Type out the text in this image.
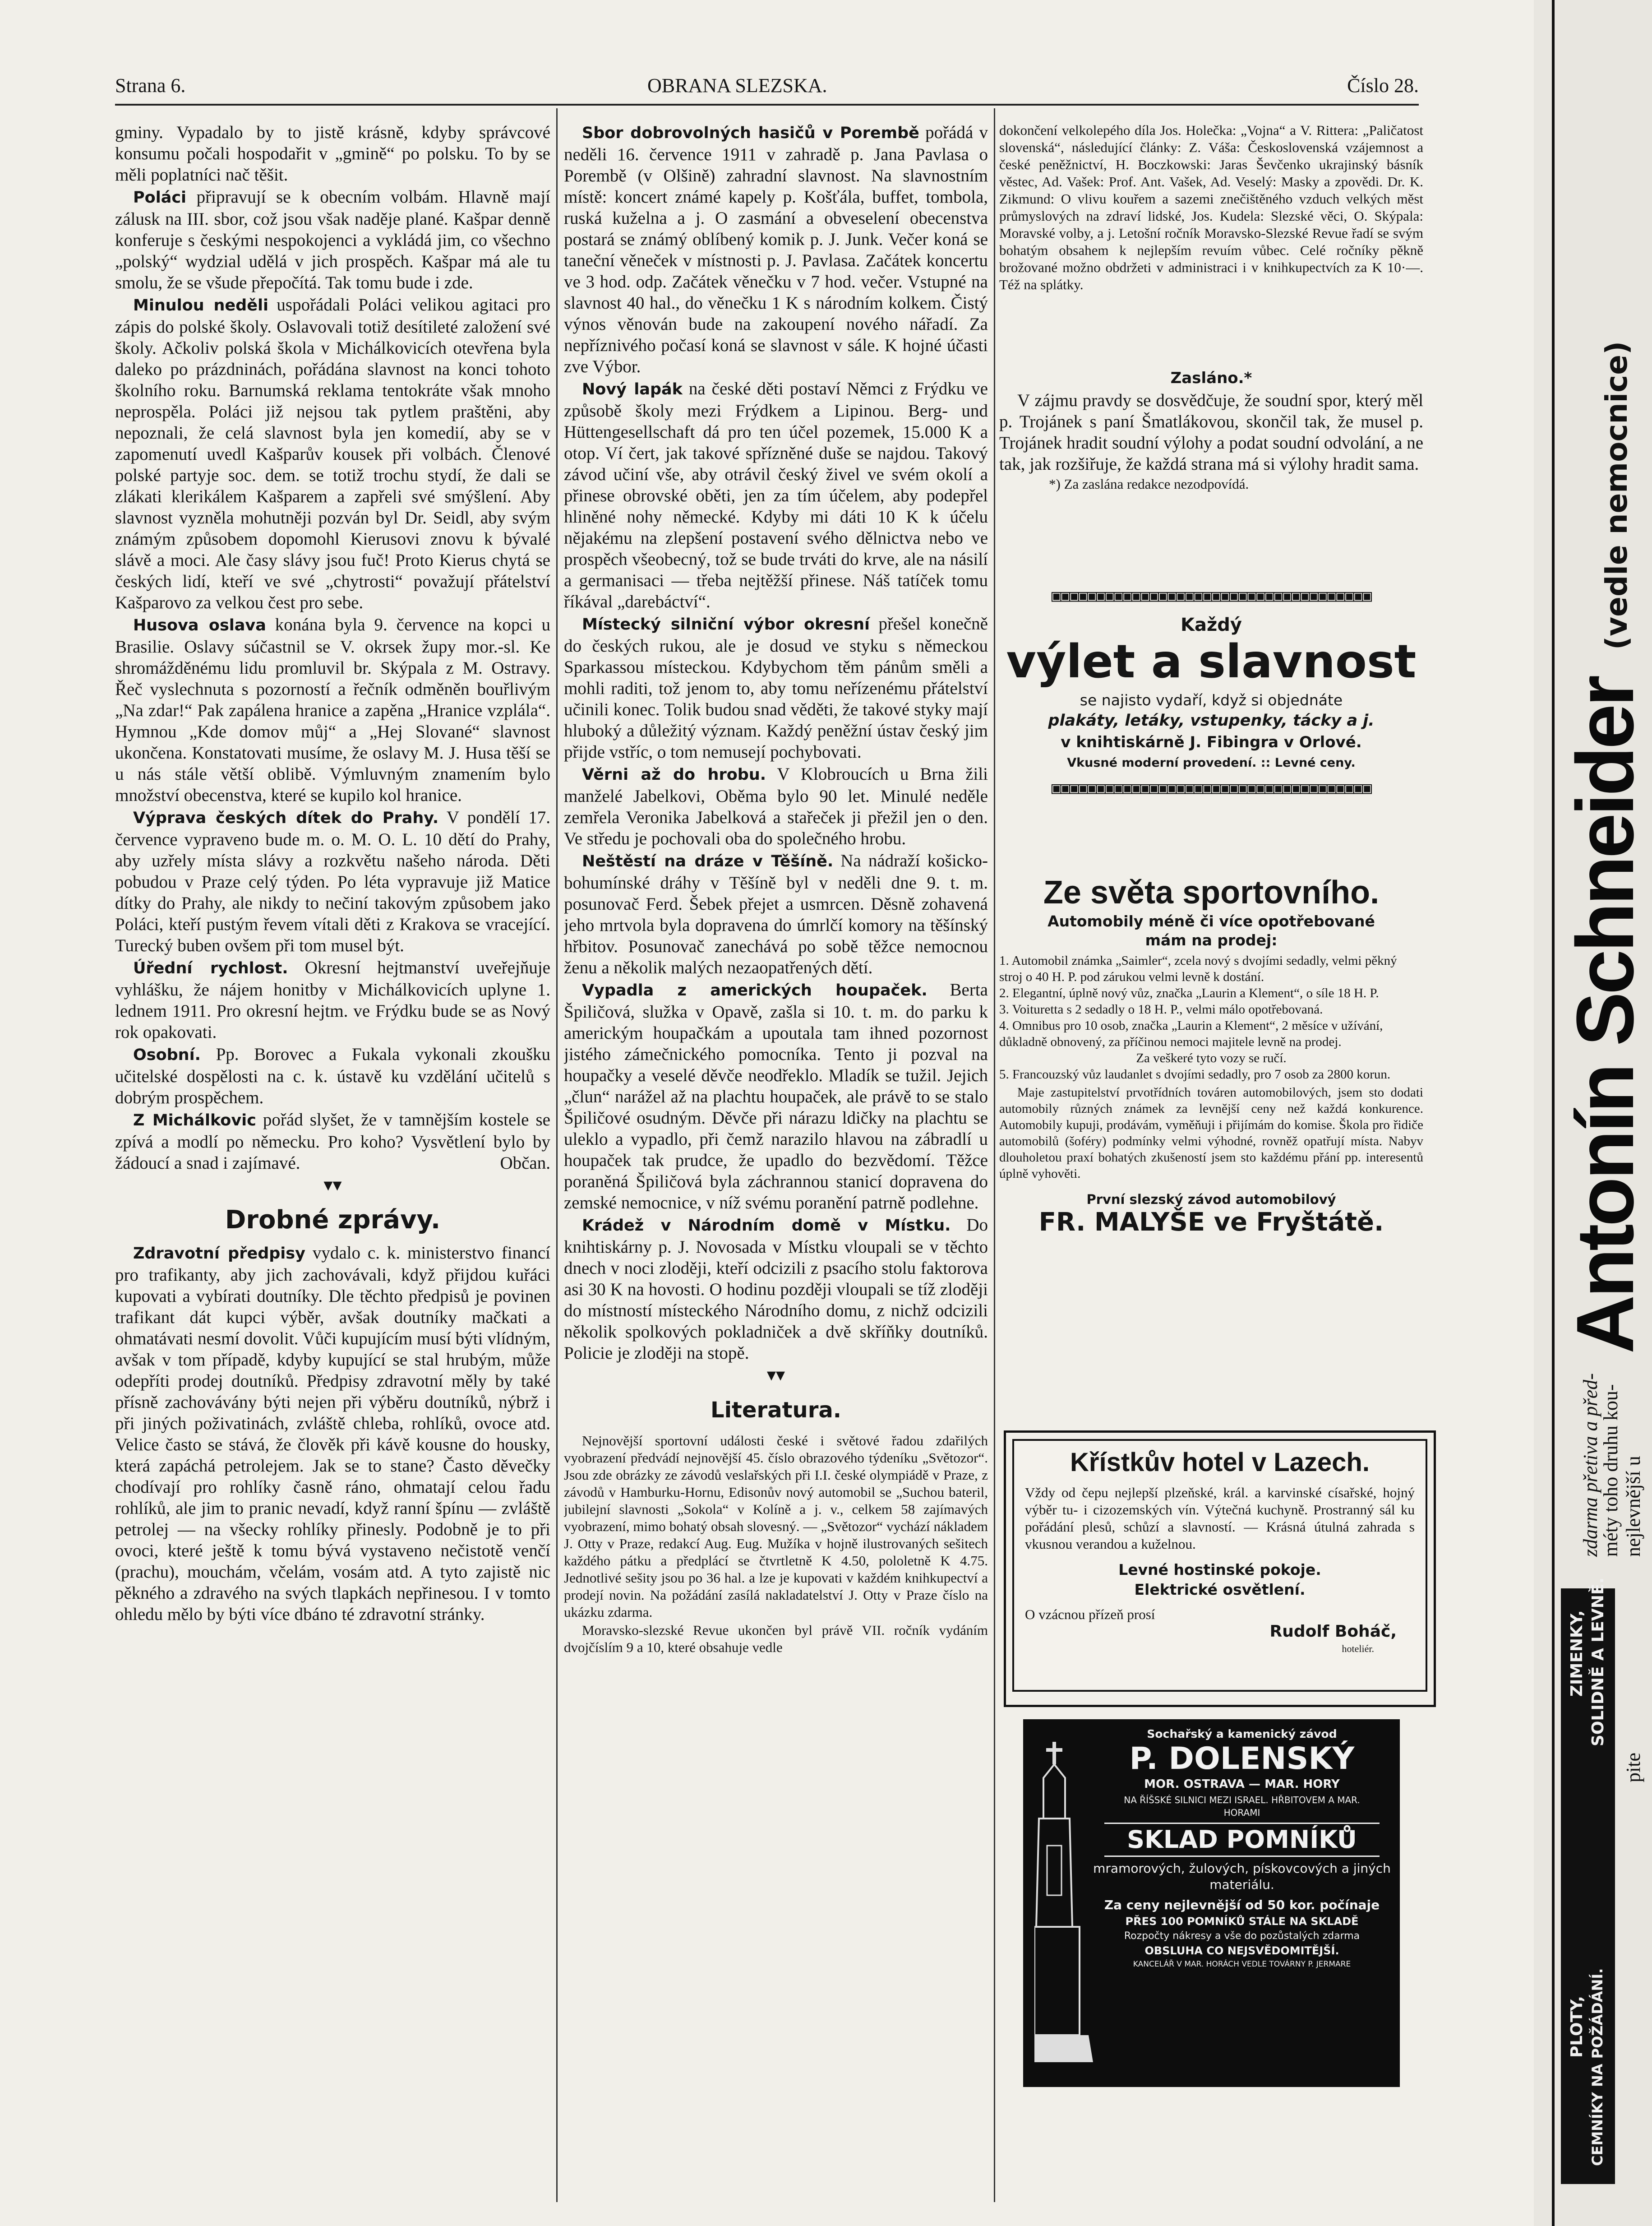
Strana 6.	OBRANA SLEZSKA.	Číslo 28.

gminy. Vypadalo by to jistě krásně, kdyby správcové konsumu počali hospodařit v „gmině“ po polsku. To by se měli poplatníci nač těšit.

Poláci připravují se k obecním volbám. Hlavně mají zálusk na III. sbor, což jsou však naděje plané. Kašpar denně konferuje s českými nespokojenci a vykládá jim, co všechno „polský“ wydzial udělá v jich prospěch. Kašpar má ale tu smolu, že se všude přepočítá. Tak tomu bude i zde.

Minulou neděli uspořádali Poláci velikou agitaci pro zápis do polské školy. Oslavovali totiž desítileté založení své školy. Ačkoliv polská škola v Michálkovicích otevřena byla daleko po prázdninách, pořádána slavnost na konci tohoto školního roku. Barnumská reklama tentokráte však mnoho neprospěla. Poláci již nejsou tak pytlem praštěni, aby nepoznali, že celá slavnost byla jen komedií, aby se v zapomenutí uvedl Kašparův kousek při volbách. Členové polské partyje soc. dem. se totiž trochu stydí, že dali se zlákati klerikálem Kašparem a zapřeli své smýšlení. Aby slavnost vyzněla mohutněji pozván byl Dr. Seidl, aby svým známým způsobem dopomohl Kierusovi znovu k bývalé slávě a moci. Ale časy slávy jsou fuč! Proto Kierus chytá se českých lidí, kteří ve své „chytrosti“ považují přátelství Kašparovo za velkou čest pro sebe.

Husova oslava konána byla 9. července na kopci u Brasilie. Oslavy súčastnil se V. okrsek župy mor.-sl. Ke shromážděnému lidu promluvil br. Skýpala z M. Ostravy. Řeč vyslechnuta s pozorností a řečník odměněn bouřlivým „Na zdar!“ Pak zapálena hranice a zapěna „Hranice vzplála“. Hymnou „Kde domov můj“ a „Hej Slované“ slavnost ukončena. Konstatovati musíme, že oslavy M. J. Husa těší se u nás stále větší oblibě. Výmluvným znamením bylo množství obecenstva, které se kupilo kol hranice.

Výprava českých dítek do Prahy. V pondělí 17. července vypraveno bude m. o. M. O. L. 10 dětí do Prahy, aby uzřely místa slávy a rozkvětu našeho národa. Děti pobudou v Praze celý týden. Po léta vypravuje již Matice dítky do Prahy, ale nikdy to nečiní takovým způsobem jako Poláci, kteří pustým řevem vítali děti z Krakova se vracející. Turecký buben ovšem při tom musel být.

Úřední rychlost. Okresní hejtmanství uveřejňuje vyhlášku, že nájem honitby v Michálkovicích uplyne 1. lednem 1911. Pro okresní hejtm. ve Frýdku bude se as Nový rok opakovati.

Osobní. Pp. Borovec a Fukala vykonali zkoušku učitelské dospělosti na c. k. ústavě ku vzdělání učitelů s dobrým prospěchem.

Z Michálkovic pořád slyšet, že v tamnějším kostele se zpívá a modlí po německu. Pro koho? Vysvětlení bylo by žádoucí a snad i zajímavé.	Občan.

▾▾

Drobné zprávy.

Zdravotní předpisy vydalo c. k. ministerstvo financí pro trafikanty, aby jich zachovávali, když přijdou kuřáci kupovati a vybírati doutníky. Dle těchto předpisů je povinen trafikant dát kupci výběr, avšak doutníky mačkati a ohmatávati nesmí dovolit. Vůči kupujícím musí býti vlídným, avšak v tom případě, kdyby kupující se stal hrubým, může odepříti prodej doutníků. Předpisy zdravotní měly by také přísně zachovávány býti nejen při výběru doutníků, nýbrž i při jiných poživatinách, zvláště chleba, rohlíků, ovoce atd. Velice často se stává, že člověk při kávě kousne do housky, která zapáchá petrolejem. Jak se to stane? Často děvečky chodívají pro rohlíky časně ráno, ohmatají celou řadu rohlíků, ale jim to pranic nevadí, když ranní špínu — zvláště petrolej — na všecky rohlíky přinesly. Podobně je to při ovoci, které ještě k tomu bývá vystaveno nečistotě venčí (prachu), mouchám, včelám, vosám atd. A tyto zajistě nic pěkného a zdravého na svých tlapkách nepřinesou. I v tomto ohledu mělo by býti více dbáno té zdravotní stránky.

Sbor dobrovolných hasičů v Porembě pořádá v neděli 16. července 1911 v zahradě p. Jana Pavlasa o Porembě (v Olšině) zahradní slavnost. Na slavnostním místě: koncert známé kapely p. Košťála, buffet, tombola, ruská kuželna a j. O zasmání a obveselení obecenstva postará se známý oblíbený komik p. J. Junk. Večer koná se taneční věneček v místnosti p. J. Pavlasa. Začátek koncertu ve 3 hod. odp. Začátek věnečku v 7 hod. večer. Vstupné na slavnost 40 hal., do věnečku 1 K s národním kolkem. Čistý výnos věnován bude na zakoupení nového nářadí. Za nepříznivého počasí koná se slavnost v sále. K hojné účasti zve Výbor.

Nový lapák na české děti postaví Němci z Frýdku ve způsobě školy mezi Frýdkem a Lipinou. Berg- und Hüttengesellschaft dá pro ten účel pozemek, 15.000 K a otop. Ví čert, jak takové spřízněné duše se najdou. Takový závod učiní vše, aby otrávil český živel ve svém okolí a přinese obrovské oběti, jen za tím účelem, aby podepřel hliněné nohy německé. Kdyby mi dáti 10 K k účelu nějakému na zlepšení postavení svého dělnictva nebo ve prospěch všeobecný, tož se bude trváti do krve, ale na násilí a germanisaci — třeba nejtěžší přinese. Náš tatíček tomu říkával „darebáctví“.

Místecký silniční výbor okresní přešel konečně do českých rukou, ale je dosud ve styku s německou Sparkassou místeckou. Kdybychom těm pánům směli a mohli raditi, tož jenom to, aby tomu neřízenému přátelství učinili konec. Tolik budou snad věděti, že takové styky mají hluboký a důležitý význam. Každý peněžní ústav český jim přijde vstříc, o tom nemusejí pochybovati.

Věrni až do hrobu. V Klobroucích u Brna žili manželé Jabelkovi, Oběma bylo 90 let. Minulé neděle zemřela Veronika Jabelková a stařeček ji přežil jen o den. Ve středu je pochovali oba do společného hrobu.

Neštěstí na dráze v Těšíně. Na nádraží košicko-bohumínské dráhy v Těšíně byl v neděli dne 9. t. m. posunovač Ferd. Šebek přejet a usmrcen. Děsně zohavená jeho mrtvola byla dopravena do úmrlčí komory na těšínský hřbitov. Posunovač zanechává po sobě těžce nemocnou ženu a několik malých nezaopatřených dětí.

Vypadla z amerických houpaček. Berta Špiličová, služka v Opavě, zašla si 10. t. m. do parku k americkým houpačkám a upoutala tam ihned pozornost jistého zámečnického pomocníka. Tento ji pozval na houpačky a veselé děvče neodřeklo. Mladík se tužil. Jejich „člun“ narážel až na plachtu houpaček, ale právě to se stalo Špiličové osudným. Děvče při nárazu ldičky na plachtu se uleklo a vypadlo, při čemž narazilo hlavou na zábradlí u houpaček tak prudce, že upadlo do bezvědomí. Těžce poraněná Špiličová byla záchrannou stanicí dopravena do zemské nemocnice, v níž svému poranění patrně podlehne.

Krádež v Národním domě v Místku. Do knihtiskárny p. J. Novosada v Místku vloupali se v těchto dnech v noci zloději, kteří odcizili z psacího stolu faktorova asi 30 K na hovosti. O hodinu později vloupali se tíž zloději do místností místeckého Národního domu, z nichž odcizili několik spolkových pokladniček a dvě skříňky doutníků. Policie je zloději na stopě.

▾▾

Literatura.

Nejnovější sportovní události české i světové řadou zdařilých vyobrazení předvádí nejnovější 45. číslo obrazového týdeníku „Světozor“. Jsou zde obrázky ze závodů veslařských při I.I. české olympiádě v Praze, z závodů v Hamburku-Hornu, Edisonův nový automobil se „Suchou bateril, jubilejní slavnosti „Sokola“ v Kolíně a j. v., celkem 58 zajímavých vyobrazení, mimo bohatý obsah slovesný. — „Světozor“ vychází nákladem J. Otty v Praze, redakcí Aug. Eug. Mužíka v hojně ilustrovaných sešitech každého pátku a předplácí se čtvrtletně K 4.50, pololetně K 4.75. Jednotlivé sešity jsou po 36 hal. a lze je kupovati v každém knihkupectví a prodejí novin. Na požádání zasílá nakladatelství J. Otty v Praze číslo na ukázku zdarma.

Moravsko-slezské Revue ukončen byl právě VII. ročník vydáním dvojčíslím 9 a 10, které obsahuje vedle

dokončení velkolepého díla Jos. Holečka: „Vojna“ a V. Rittera: „Paličatost slovenská“, následující články: Z. Váša: Československá vzájemnost a české peněžnictví, H. Boczkowski: Jaras Ševčenko ukrajinský básník věstec, Ad. Vašek: Prof. Ant. Vašek, Ad. Veselý: Masky a zpovědi. Dr. K. Zikmund: O vlivu kouřem a sazemi znečištěného vzduch velkých měst průmyslových na zdraví lidské, Jos. Kudela: Slezské věci, O. Skýpala: Moravské volby, a j. Letošní ročník Moravsko-Slezské Revue řadí se svým bohatým obsahem k nejlepším revuím vůbec. Celé ročníky pěkně brožované možno obdržeti v administraci i v knihkupectvích za K 10·—. Též na splátky.

Zasláno.*

V zájmu pravdy se dosvědčuje, že soudní spor, který měl p. Trojánek s paní Šmatlákovou, skončil tak, že musel p. Trojánek hradit soudní výlohy a podat soudní odvolání, a ne tak, jak rozšiřuje, že každá strana má si výlohy hradit sama.

*) Za zaslána redakce nezodpovídá.

▣▣▣▣▣▣▣▣▣▣▣▣▣▣▣▣▣▣▣▣▣▣▣▣▣▣▣▣▣▣▣▣▣▣▣▣
Každý
výlet a slavnost
se najisto vydaří, když si objednáte
plakáty, letáky, vstupenky, tácky a j.
v knihtiskárně J. Fibingra v Orlové.
Vkusné moderní provedení. :: Levné ceny.
▣▣▣▣▣▣▣▣▣▣▣▣▣▣▣▣▣▣▣▣▣▣▣▣▣▣▣▣▣▣▣▣▣▣▣▣
Ze světa sportovního.
Automobily méně či více opotřebované mám na prodej:
1. Automobil známka „Saimler“, zcela nový s dvojími sedadly, velmi pěkný stroj o 40 H. P. pod zárukou velmi levně k dostání.
2. Elegantní, úplně nový vůz, značka „Laurin a Klement“, o síle 18 H. P.
3. Voituretta s 2 sedadly o 18 H. P., velmi málo opotřebovaná.
4. Omnibus pro 10 osob, značka „Laurin a Klement“, 2 měsíce v užívání, důkladně obnovený, za příčinou nemoci majitele levně na prodej.
Za veškeré tyto vozy se ručí.
5. Francouzský vůz laudanlet s dvojími sedadly, pro 7 osob za 2800 korun.
Maje zastupitelství prvotřídních továren automobilových, jsem sto dodati automobily různých známek za levnější ceny než každá konkurence. Automobily kupuji, prodávám, vyměňuji i přijímám do komise. Škola pro řidiče automobilů (šoféry) podmínky velmi výhodné, rovněž opatřují místa. Nabyv dlouholetou praxí bohatých zkušeností jsem sto každému přání pp. interesentů úplně vyhověti.
První slezský závod automobilový
FR. MALYŠE ve Fryštátě.
Křístkův hotel v Lazech.
Vždy od čepu nejlepší plzeňské, král. a karvinské císařské, hojný výběr tu- i cizozemských vín. Výtečná kuchyně. Prostranný sál ku pořádání plesů, schůzí a slavností. — Krásná útulná zahrada s vkusnou verandou a kuželnou.
Levné hostinské pokoje. Elektrické osvětlení.
O vzácnou přízeň prosí
Rudolf Boháč,
hoteliér.
Sochařský a kamenický závod
P. DOLENSKÝ
MOR. OSTRAVA — MAR. HORY
NA ŘÍŠSKÉ SILNICI MEZI ISRAEL. HŘBITOVEM A MAR. HORAMI
SKLAD POMNÍKŮ
mramorových, žulových, pískovcových a jiných materiálu.
Za ceny nejlevnější od 50 kor. počínaje
PŘES 100 POMNÍKŮ STÁLE NA SKLADĚ
Rozpočty nákresy a vše do pozůstalých zdarma
OBSLUHA CO NEJSVĚDOMITĚJŠÍ.
KANCELÁŘ V MAR. HORÁCH VEDLE TOVÁRNY P. JERMARE
Antonín Schneider
(vedle nemocnice)
zdarma přetiva a před-
méty toho druhu kou- nejlevnější u
pite
ZIMENKY, SOLIDNĚ A LEVNĚ.
PLOTY, CEMNÍKY NA POŽÁDÁNÍ.
